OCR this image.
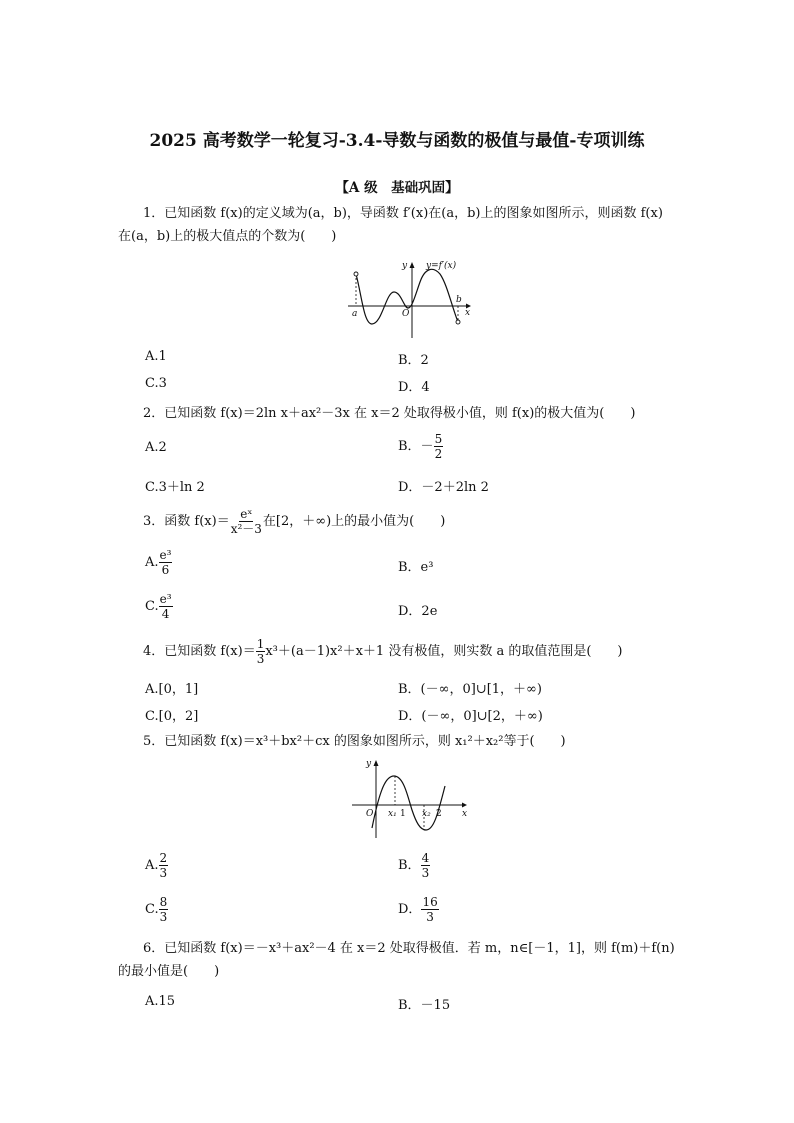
2025 高考数学一轮复习-3.4-导数与函数的极值与最值-专项训练
【A 级　基础巩固】
1．已知函数 f(x)的定义域为(a，b)，导函数 f′(x)在(a，b)上的图象如图所示，则函数 f(x)
在(a，b)上的极大值点的个数为(　　)
y y=f′(x)
x
a	O
b
A.1	B．2
C.3	D．4
2．已知函数 f(x)＝2ln x＋ax²－3x 在 x＝2 处取得极小值，则 f(x)的极大值为(　　)
A.2	B．－ $\frac{5}{2}$
C.3＋ln 2	D．－2＋2ln 2
3．函数 $f(x)= \frac{\text{eˣ}}{\text{x²－3}}$ 在[2，＋∞)上的最小值为(　　)
A. $\frac{\text{e³}}{6}$	B．e³
C. $\frac{\text{e³}}{4}$	D．2e
4．已知函数 $f(x)= \frac{1}{3} x^3+(a-1)x^2+x+1$ 没有极值，则实数 a 的取值范围是(　　)
A.[0，1]	B．(－∞，0]∪[1，＋∞)
C.[0，2]	D．(－∞，0]∪[2，＋∞)
5．已知函数 f(x)＝x³＋bx²＋cx 的图象如图所示，则 x₁²＋x₂²等于(　　)
y
x
O x₁ 1 x₂ 2
A. $\frac{2}{3}$	B． $\frac{4}{3}$
C. $\frac{8}{3}$	D． $\frac{16}{3}$
6．已知函数 f(x)＝－x³＋ax²－4 在 x＝2 处取得极值．若 m，n∈[－1，1]，则 f(m)＋f(n)
的最小值是(　　)
A.15	B．－15
